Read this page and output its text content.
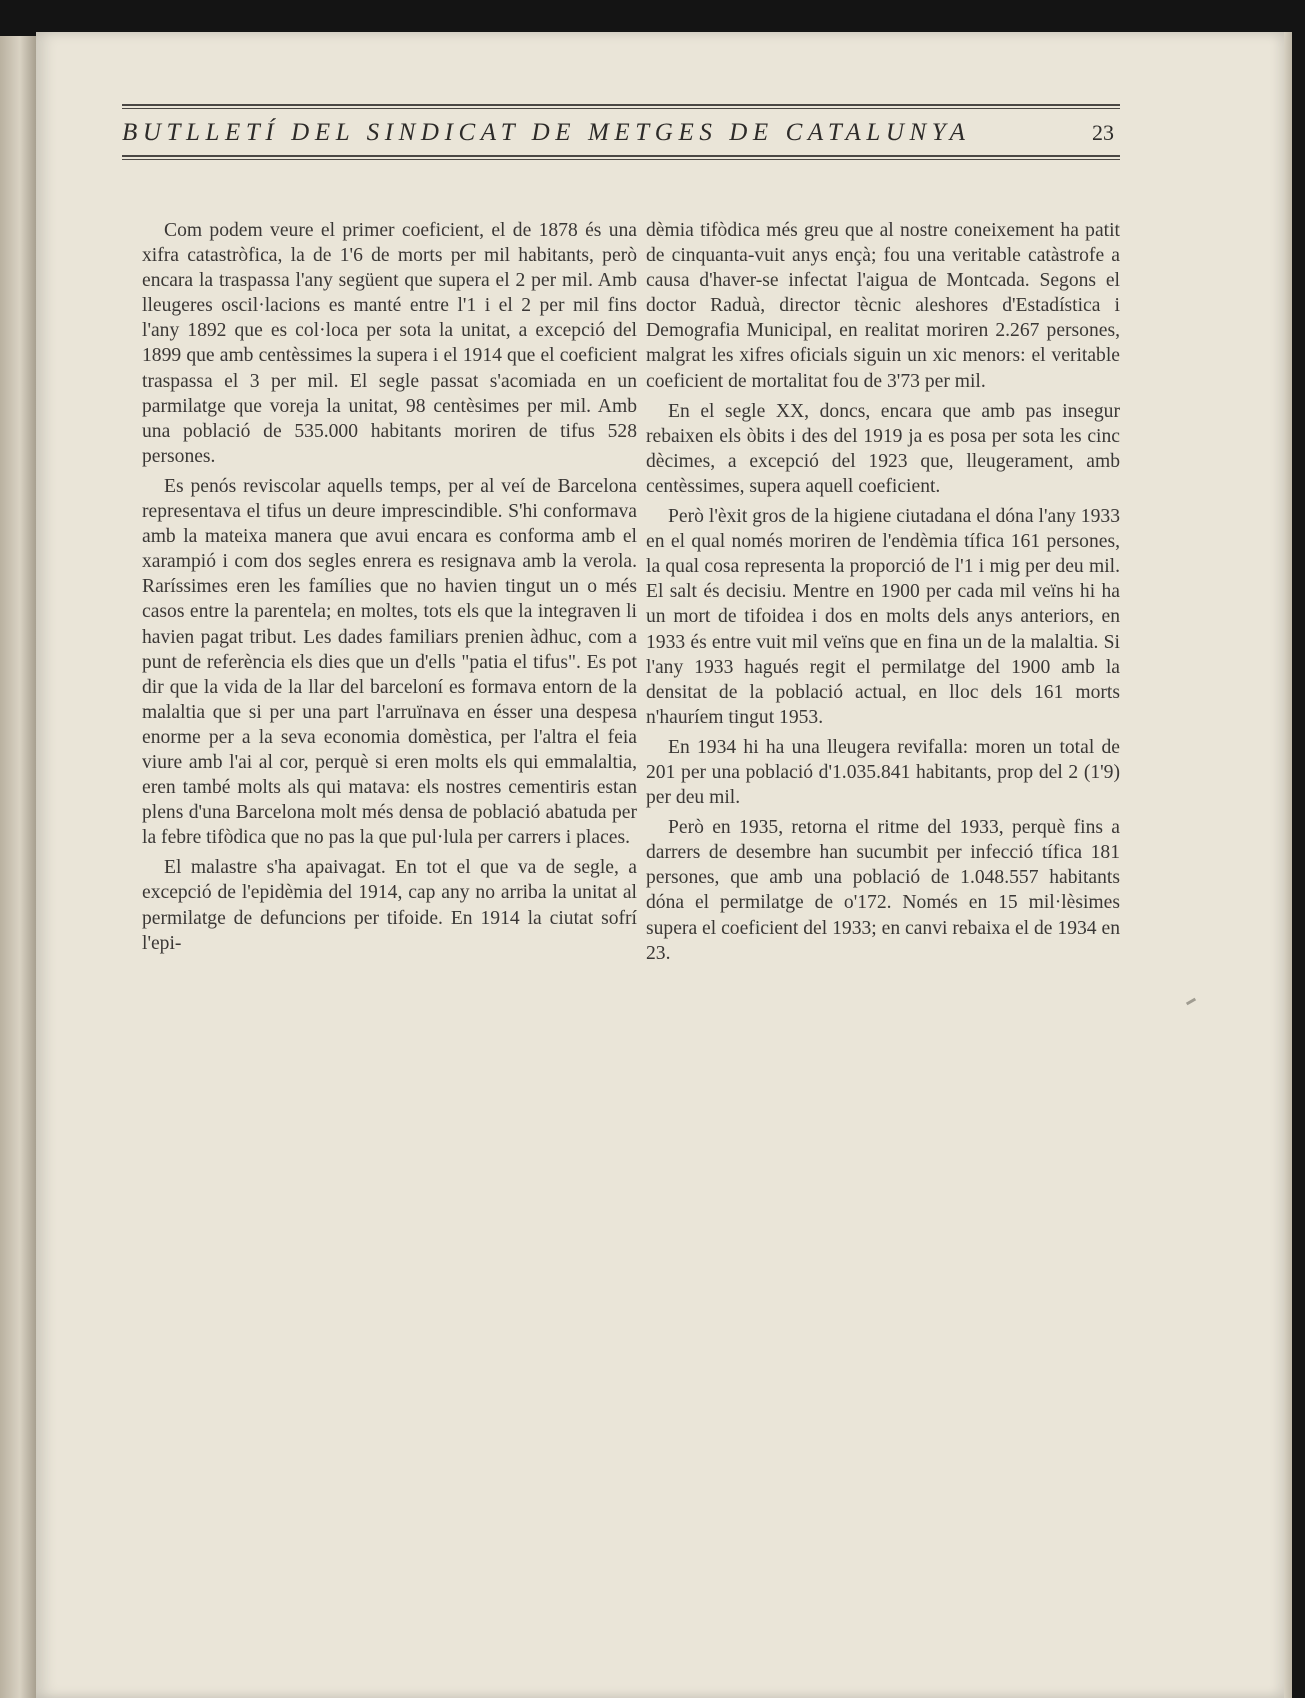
BUTLLETÍ DEL SINDICAT DE METGES DE CATALUNYA	23

Com podem veure el primer coeficient, el de 1878 és una xifra catastròfica, la de 1'6 de morts per mil habitants, però encara la traspassa l'any següent que supera el 2 per mil. Amb lleugeres oscil·lacions es manté entre l'1 i el 2 per mil fins l'any 1892 que es col·loca per sota la unitat, a excepció del 1899 que amb centèssimes la supera i el 1914 que el coeficient traspassa el 3 per mil. El segle passat s'acomiada en un parmilatge que voreja la unitat, 98 centèsimes per mil. Amb una població de 535.000 habitants moriren de tifus 528 persones.

Es penós reviscolar aquells temps, per al veí de Barcelona representava el tifus un deure imprescindible. S'hi conformava amb la mateixa manera que avui encara es conforma amb el xarampió i com dos segles enrera es resignava amb la verola. Raríssimes eren les famílies que no havien tingut un o més casos entre la parentela; en moltes, tots els que la integraven li havien pagat tribut. Les dades familiars prenien àdhuc, com a punt de referència els dies que un d'ells "patia el tifus". Es pot dir que la vida de la llar del barceloní es formava entorn de la malaltia que si per una part l'arruïnava en ésser una despesa enorme per a la seva economia domèstica, per l'altra el feia viure amb l'ai al cor, perquè si eren molts els qui emmalaltia, eren també molts als qui matava: els nostres cementiris estan plens d'una Barcelona molt més densa de població abatuda per la febre tifòdica que no pas la que pul·lula per carrers i places.

El malastre s'ha apaivagat. En tot el que va de segle, a excepció de l'epidèmia del 1914, cap any no arriba la unitat al permilatge de defuncions per tifoide. En 1914 la ciutat sofrí l'epi-

dèmia tifòdica més greu que al nostre coneixement ha patit de cinquanta-vuit anys ençà; fou una veritable catàstrofe a causa d'haver-se infectat l'aigua de Montcada. Segons el doctor Raduà, director tècnic aleshores d'Estadística i Demografia Municipal, en realitat moriren 2.267 persones, malgrat les xifres oficials siguin un xic menors: el veritable coeficient de mortalitat fou de 3'73 per mil.

En el segle XX, doncs, encara que amb pas insegur rebaixen els òbits i des del 1919 ja es posa per sota les cinc dècimes, a excepció del 1923 que, lleugerament, amb centèssimes, supera aquell coeficient.

Però l'èxit gros de la higiene ciutadana el dóna l'any 1933 en el qual només moriren de l'endèmia tífica 161 persones, la qual cosa representa la proporció de l'1 i mig per deu mil. El salt és decisiu. Mentre en 1900 per cada mil veïns hi ha un mort de tifoidea i dos en molts dels anys anteriors, en 1933 és entre vuit mil veïns que en fina un de la malaltia. Si l'any 1933 hagués regit el permilatge del 1900 amb la densitat de la població actual, en lloc dels 161 morts n'hauríem tingut 1953.

En 1934 hi ha una lleugera revifalla: moren un total de 201 per una població d'1.035.841 habitants, prop del 2 (1'9) per deu mil.

Però en 1935, retorna el ritme del 1933, perquè fins a darrers de desembre han sucumbit per infecció tífica 181 persones, que amb una població de 1.048.557 habitants dóna el permilatge de o'172. Només en 15 mil·lèsimes supera el coeficient del 1933; en canvi rebaixa el de 1934 en 23.
